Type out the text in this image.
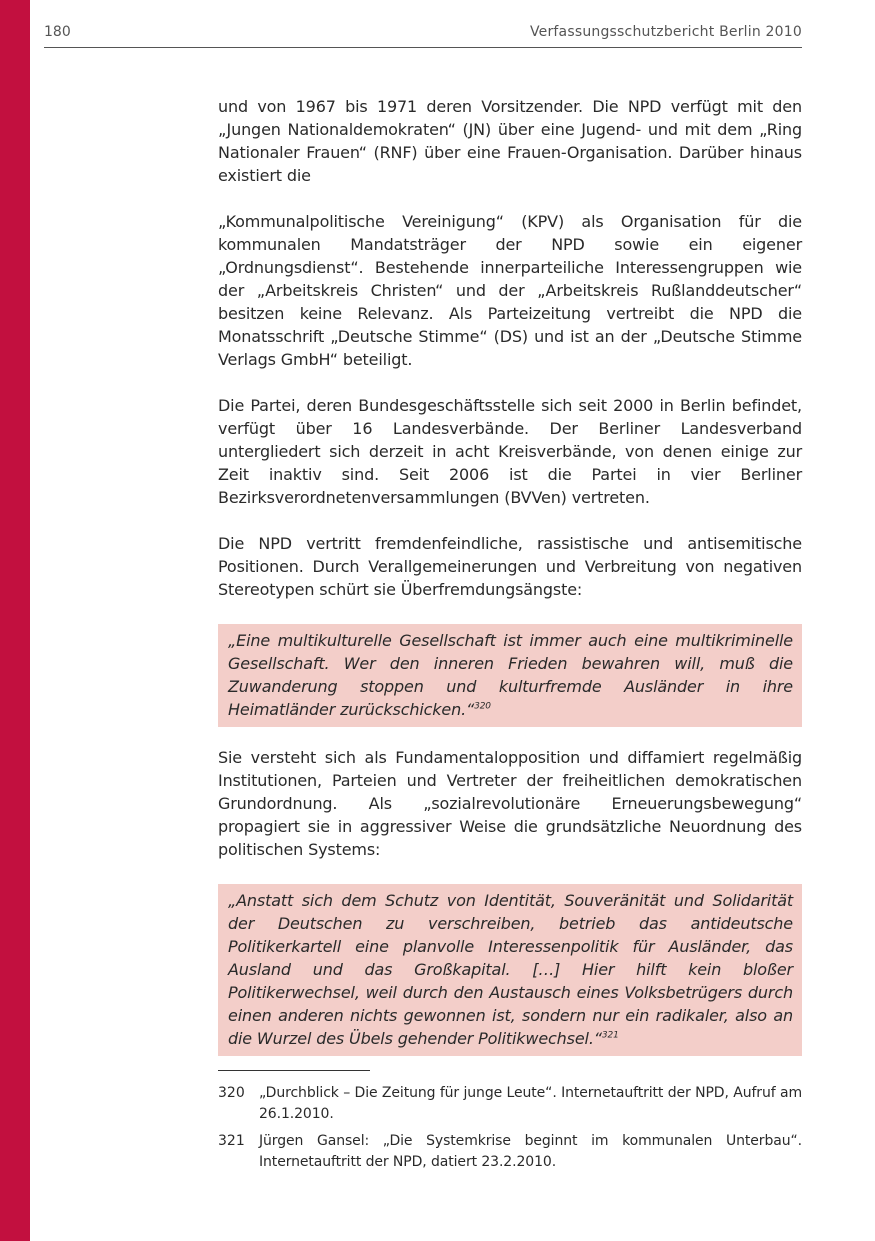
180	Verfassungsschutzbericht Berlin 2010

und von 1967 bis 1971 deren Vorsitzender. Die NPD verfügt mit den „Jungen Nationaldemokraten“ (JN) über eine Jugend- und mit dem „Ring Nationaler Frauen“ (RNF) über eine Frauen-Organisation. Darüber hinaus existiert die

„Kommunalpolitische Vereinigung“ (KPV) als Organisation für die kommunalen Mandatsträger der NPD sowie ein eigener „Ordnungsdienst“. Bestehende innerparteiliche Interessengruppen wie der „Arbeitskreis Christen“ und der „Arbeitskreis Rußlanddeutscher“ besitzen keine Relevanz. Als Parteizeitung vertreibt die NPD die Monatsschrift „Deutsche Stimme“ (DS) und ist an der „Deutsche Stimme Verlags GmbH“ beteiligt.

Die Partei, deren Bundesgeschäftsstelle sich seit 2000 in Berlin befindet, verfügt über 16 Landesverbände. Der Berliner Landesverband untergliedert sich derzeit in acht Kreisverbände, von denen einige zur Zeit inaktiv sind. Seit 2006 ist die Partei in vier Berliner Bezirksverordnetenversammlungen (BVVen) vertreten.

Die NPD vertritt fremdenfeindliche, rassistische und antisemitische Positionen. Durch Verallgemeinerungen und Verbreitung von negativen Stereotypen schürt sie Überfremdungsängste:

„Eine multikulturelle Gesellschaft ist immer auch eine multikriminelle Gesellschaft. Wer den inneren Frieden bewahren will, muß die Zuwanderung stoppen und kulturfremde Ausländer in ihre Heimatländer zurückschicken.“$^{320}$

Sie versteht sich als Fundamentalopposition und diffamiert regelmäßig Institutionen, Parteien und Vertreter der freiheitlichen demokratischen Grundordnung. Als „sozialrevolutionäre Erneuerungsbewegung“ propagiert sie in aggressiver Weise die grundsätzliche Neuordnung des politischen Systems:

„Anstatt sich dem Schutz von Identität, Souveränität und Solidarität der Deutschen zu verschreiben, betrieb das antideutsche Politikerkartell eine planvolle Interessenpolitik für Ausländer, das Ausland und das Großkapital. […] Hier hilft kein bloßer Politikerwechsel, weil durch den Austausch eines Volksbetrügers durch einen anderen nichts gewonnen ist, sondern nur ein radikaler, also an die Wurzel des Übels gehender Politikwechsel.“$^{321}$
320	„Durchblick – Die Zeitung für junge Leute“. Internetauftritt der NPD, Aufruf am 26.1.2010.
321	Jürgen Gansel: „Die Systemkrise beginnt im kommunalen Unterbau“. Internetauftritt der NPD, datiert 23.2.2010.
